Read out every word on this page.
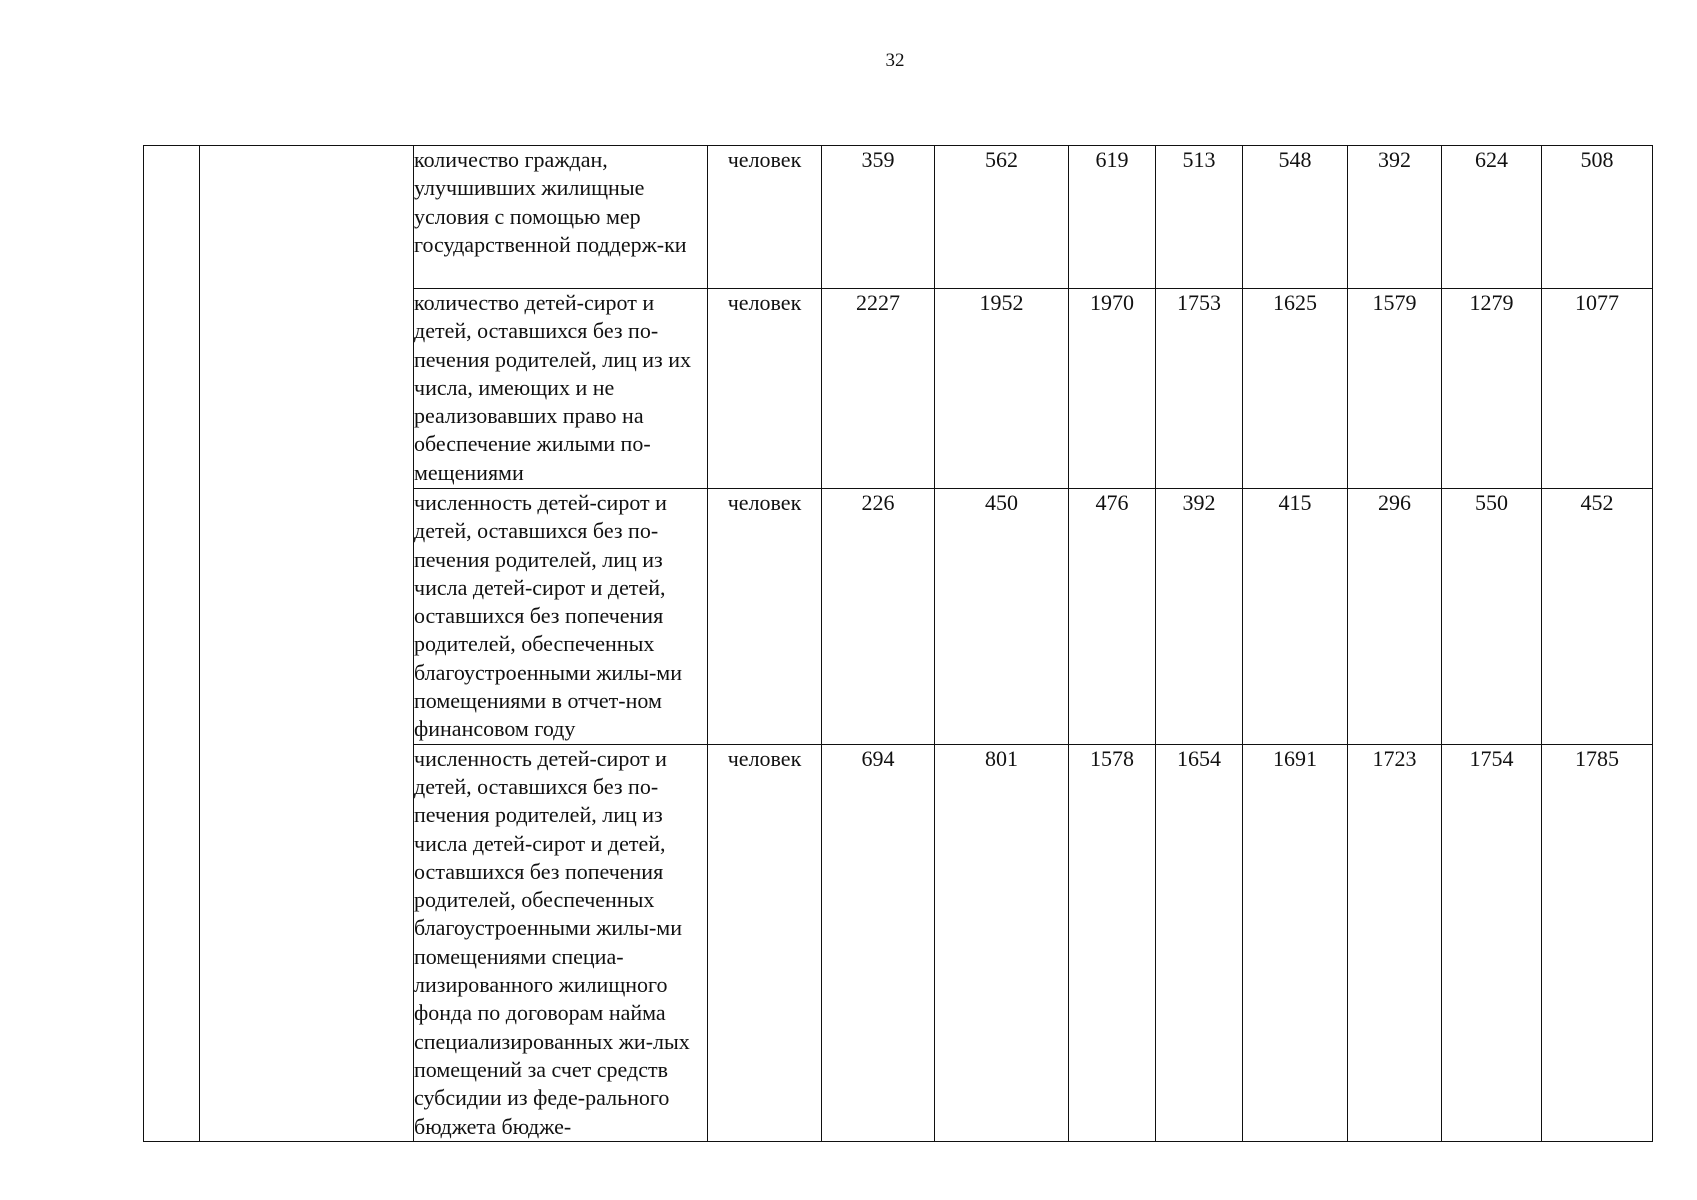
32
		количество граждан, улучшивших жилищные условия с помощью мер государственной поддерж-ки	человек	359	562	619	513	548	392	624	508
		количество детей-сирот и детей, оставшихся без по-печения родителей, лиц из их числа, имеющих и не реализовавших право на обеспечение жилыми по-мещениями	человек	2227	1952	1970	1753	1625	1579	1279	1077
		численность детей-сирот и детей, оставшихся без по-печения родителей, лиц из числа детей-сирот и детей, оставшихся без попечения родителей, обеспеченных благоустроенными жилы-ми помещениями в отчет-ном финансовом году	человек	226	450	476	392	415	296	550	452
		численность детей-сирот и детей, оставшихся без по-печения родителей, лиц из числа детей-сирот и детей, оставшихся без попечения родителей, обеспеченных благоустроенными жилы-ми помещениями специа-лизированного жилищного фонда по договорам найма специализированных жи-лых помещений за счет средств субсидии из феде-рального бюджета бюдже-	человек	694	801	1578	1654	1691	1723	1754	1785
